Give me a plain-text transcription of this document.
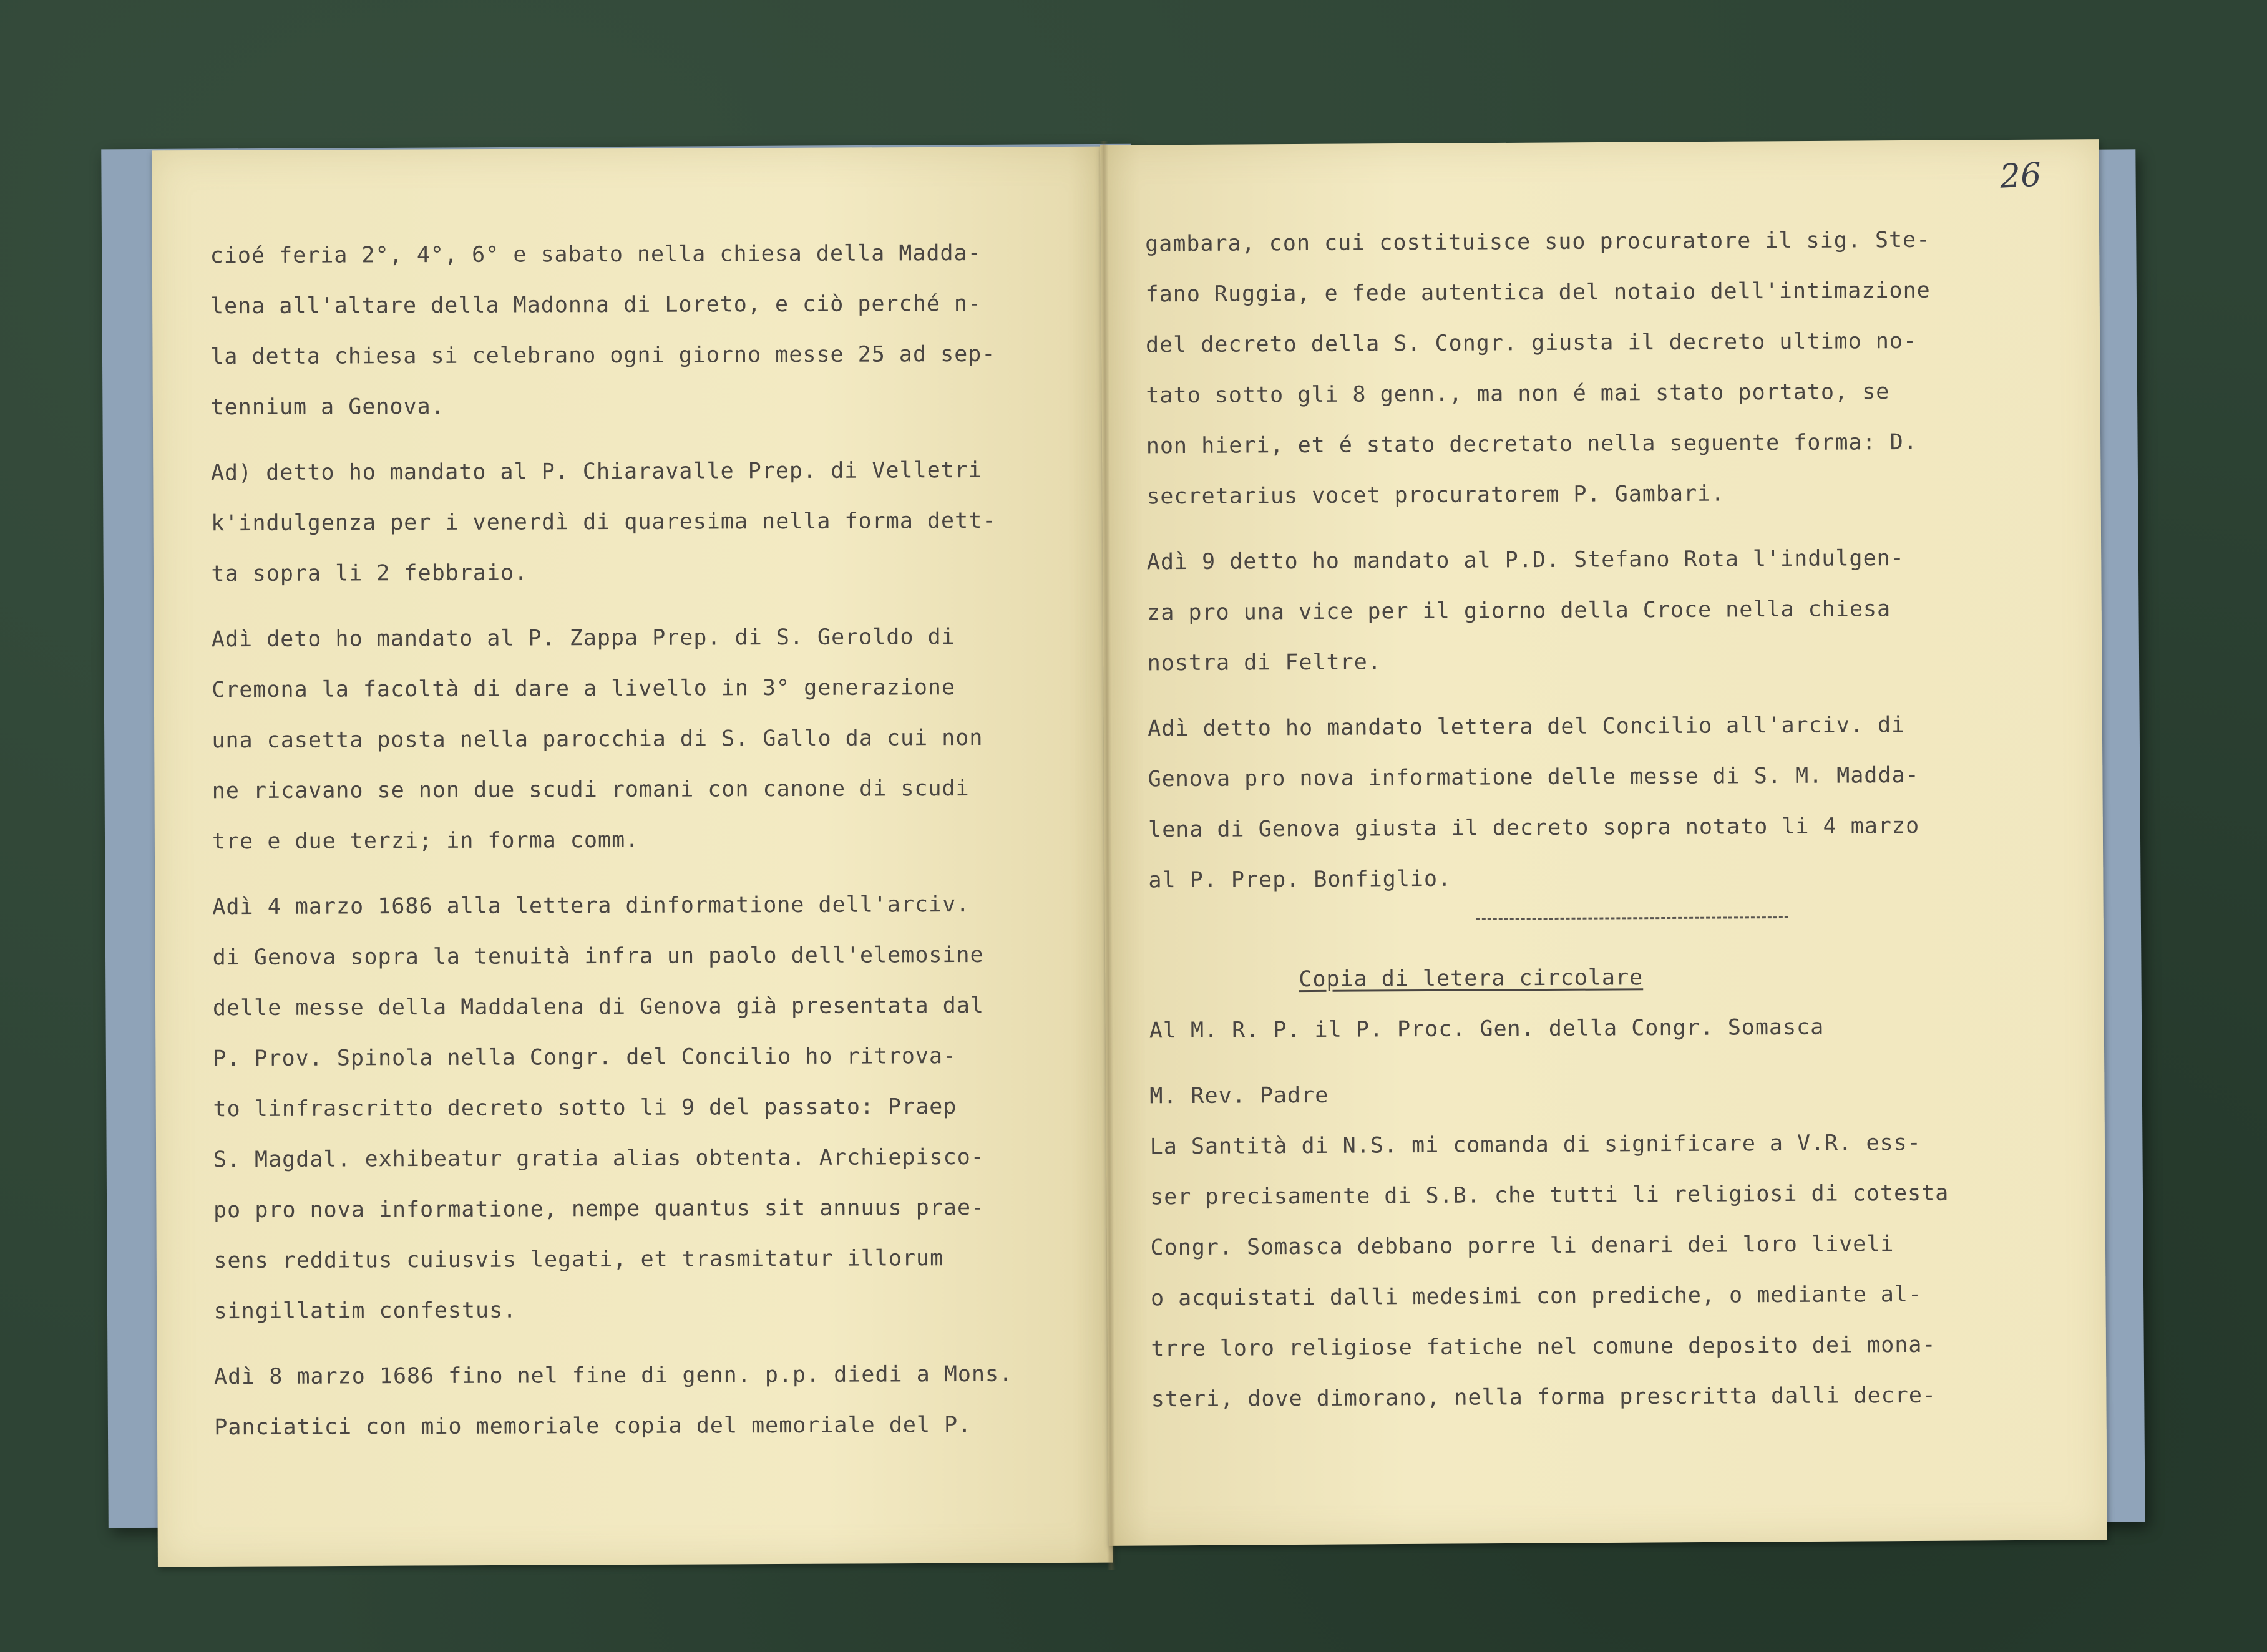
26
cioé feria 2°, 4°, 6° e sabato nella chiesa della Madda-
lena all'altare della Madonna di Loreto, e ciò perché n-
la detta chiesa si celebrano ogni giorno messe 25 ad sep-
tennium a Genova.
Ad) detto ho mandato al P. Chiaravalle Prep. di Velletri
k'indulgenza per i venerdì di quaresima nella forma dett-
ta sopra li 2 febbraio.
Adì deto ho mandato al P. Zappa Prep. di S. Geroldo di
Cremona la facoltà di dare a livello in 3° generazione
una casetta posta nella parocchia di S. Gallo da cui non
ne ricavano se non due scudi romani con canone di scudi
tre e due terzi; in forma comm.
Adì 4 marzo 1686 alla lettera dinformatione dell'arciv.
di Genova sopra la tenuità infra un paolo dell'elemosine
delle messe della Maddalena di Genova già presentata dal
P. Prov. Spinola nella Congr. del Concilio ho ritrova-
to linfrascritto decreto sotto li 9 del passato: Praep
S. Magdal. exhibeatur gratia alias obtenta. Archiepisco-
po pro nova informatione, nempe quantus sit annuus prae-
sens redditus cuiusvis legati, et trasmitatur illorum
singillatim confestus.
Adì 8 marzo 1686 fino nel fine di genn. p.p. diedi a Mons.
Panciatici con mio memoriale copia del memoriale del P.
gambara, con cui costituisce suo procuratore il sig. Ste-
fano Ruggia, e fede autentica del notaio dell'intimazione
del decreto della S. Congr. giusta il decreto ultimo no-
tato sotto gli 8 genn., ma non é mai stato portato, se
non hieri, et é stato decretato nella seguente forma: D.
secretarius vocet procuratorem P. Gambari.
Adì 9 detto ho mandato al P.D. Stefano Rota l'indulgen-
za pro una vice per il giorno della Croce nella chiesa
nostra di Feltre.
Adì detto ho mandato lettera del Concilio all'arciv. di
Genova pro nova informatione delle messe di S. M. Madda-
lena di Genova giusta il decreto sopra notato li 4 marzo
al P. Prep. Bonfiglio.
Copia di letera circolare
Al M. R. P. il P. Proc. Gen. della Congr. Somasca
M. Rev. Padre
La Santità di N.S. mi comanda di significare a V.R. ess-
ser precisamente di S.B. che tutti li religiosi di cotesta
Congr. Somasca debbano porre li denari dei loro liveli
o acquistati dalli medesimi con prediche, o mediante al-
trre loro religiose fatiche nel comune deposito dei mona-
steri, dove dimorano, nella forma prescritta dalli decre-
